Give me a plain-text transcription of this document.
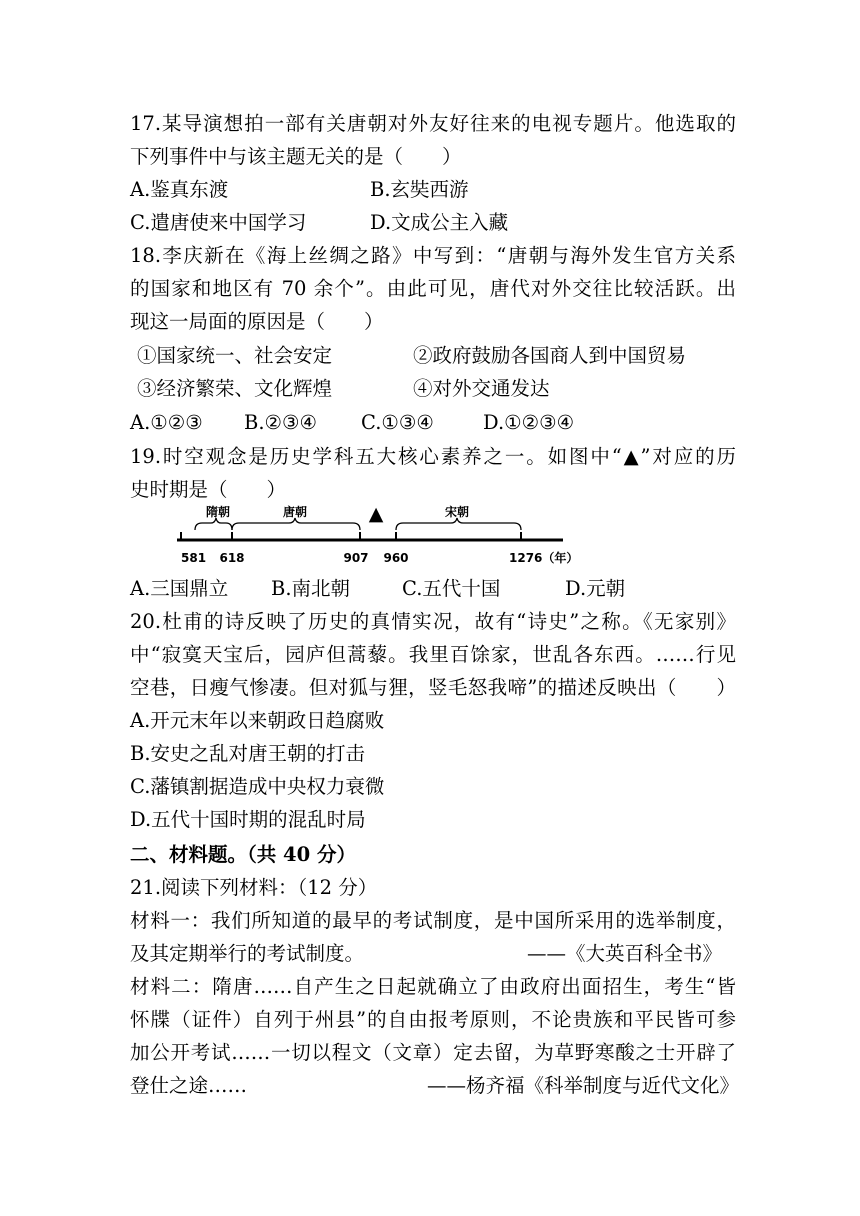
17.某导演想拍一部有关唐朝对外友好往来的电视专题片。他选取的
下列事件中与该主题无关的是（　　）
A.鉴真东渡	B.玄奘西游
C.遣唐使来中国学习	D.文成公主入藏
18.李庆新在《海上丝绸之路》中写到：“唐朝与海外发生官方关系
的国家和地区有 70 余个”。由此可见，唐代对外交往比较活跃。出
现这一局面的原因是（　　）
①国家统一、社会安定	②政府鼓励各国商人到中国贸易
③经济繁荣、文化辉煌	④对外交通发达
A.①②③ B.②③④ C.①③④	D.①②③④
19.时空观念是历史学科五大核心素养之一。如图中“▲”对应的历
史时期是（　　）
隋朝	唐朝	宋朝
▲
581 618	907 960	1276（年）
A.三国鼎立 B.南北朝	C.五代十国	D.元朝
20.杜甫的诗反映了历史的真情实况，故有“诗史”之称。《无家别》
中“寂寞天宝后，园庐但蒿藜。我里百馀家，世乱各东西。……行见
空巷，日瘦气惨凄。但对狐与狸，竖毛怒我啼”的描述反映出（　　）
A.开元末年以来朝政日趋腐败
B.安史之乱对唐王朝的打击
C.藩镇割据造成中央权力衰微
D.五代十国时期的混乱时局
二、材料题。（共 40 分）
21.阅读下列材料：（12 分）
材料一：我们所知道的最早的考试制度，是中国所采用的选举制度，
及其定期举行的考试制度。	——《大英百科全书》
材料二：隋唐……自产生之日起就确立了由政府出面招生，考生“皆
怀牒（证件）自列于州县”的自由报考原则，不论贵族和平民皆可参
加公开考试……一切以程文（文章）定去留，为草野寒酸之士开辟了
登仕之途……	——杨齐福《科举制度与近代文化》
